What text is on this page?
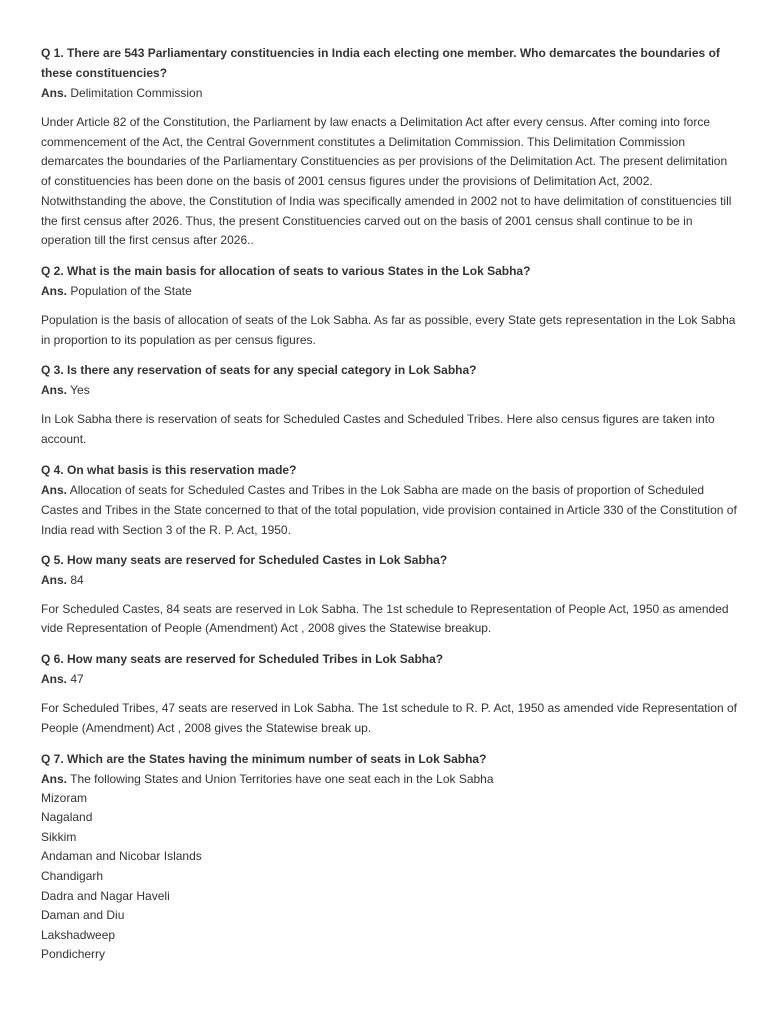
Q 1. There are 543 Parliamentary constituencies in India each electing one member. Who demarcates the boundaries of these constituencies?

Ans. Delimitation Commission

Under Article 82 of the Constitution, the Parliament by law enacts a Delimitation Act after every census. After coming into force commencement of the Act, the Central Government constitutes a Delimitation Commission. This Delimitation Commission demarcates the boundaries of the Parliamentary Constituencies as per provisions of the Delimitation Act. The present delimitation of constituencies has been done on the basis of 2001 census figures under the provisions of Delimitation Act, 2002. Notwithstanding the above, the Constitution of India was specifically amended in 2002 not to have delimitation of constituencies till the first census after 2026. Thus, the present Constituencies carved out on the basis of 2001 census shall continue to be in operation till the first census after 2026..

Q 2. What is the main basis for allocation of seats to various States in the Lok Sabha?

Ans. Population of the State

Population is the basis of allocation of seats of the Lok Sabha. As far as possible, every State gets representation in the Lok Sabha in proportion to its population as per census figures.

Q 3. Is there any reservation of seats for any special category in Lok Sabha?

Ans. Yes

In Lok Sabha there is reservation of seats for Scheduled Castes and Scheduled Tribes. Here also census figures are taken into account.

Q 4. On what basis is this reservation made?

Ans. Allocation of seats for Scheduled Castes and Tribes in the Lok Sabha are made on the basis of proportion of Scheduled Castes and Tribes in the State concerned to that of the total population, vide provision contained in Article 330 of the Constitution of India read with Section 3 of the R. P. Act, 1950.

Q 5. How many seats are reserved for Scheduled Castes in Lok Sabha?

Ans. 84

For Scheduled Castes, 84 seats are reserved in Lok Sabha. The 1st schedule to Representation of People Act, 1950 as amended vide Representation of People (Amendment) Act , 2008 gives the Statewise breakup.

Q 6. How many seats are reserved for Scheduled Tribes in Lok Sabha?

Ans. 47

For Scheduled Tribes, 47 seats are reserved in Lok Sabha. The 1st schedule to R. P. Act, 1950 as amended vide Representation of People (Amendment) Act , 2008 gives the Statewise break up.

Q 7. Which are the States having the minimum number of seats in Lok Sabha?

Ans. The following States and Union Territories have one seat each in the Lok Sabha

Mizoram
Nagaland
Sikkim
Andaman and Nicobar Islands
Chandigarh
Dadra and Nagar Haveli
Daman and Diu
Lakshadweep
Pondicherry
